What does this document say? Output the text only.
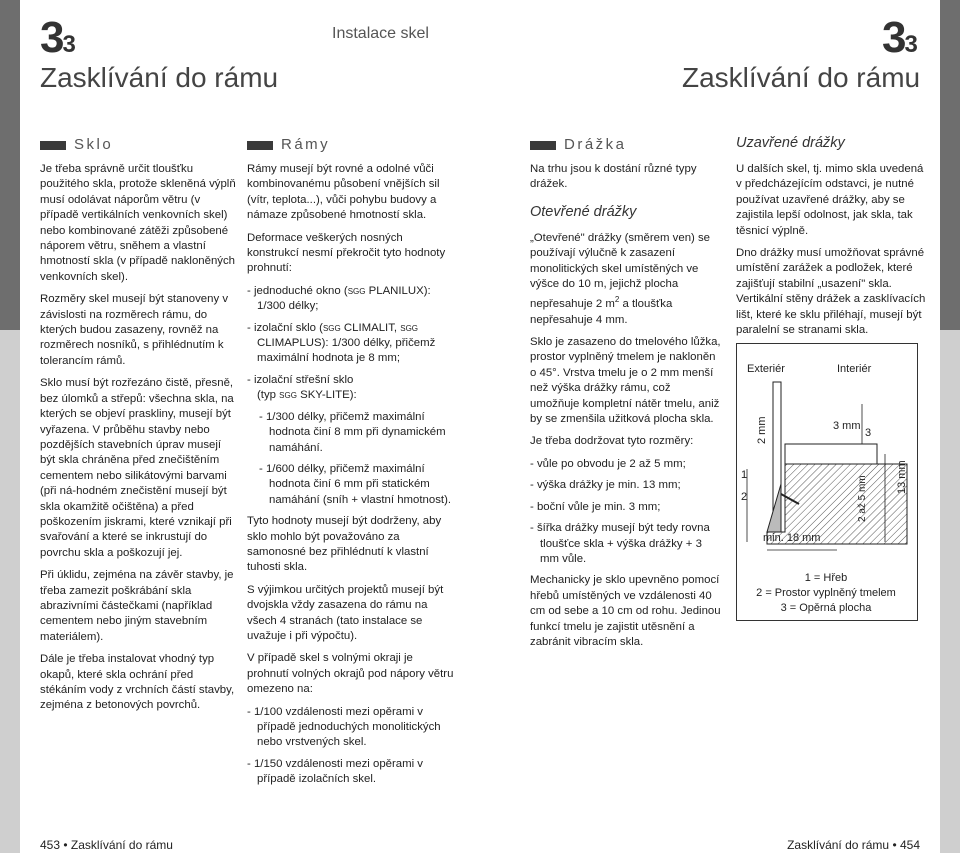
33
Zasklívání do rámu
Instalace skel	33
Zasklívání do rámu
Sklo

Je třeba správně určit tloušťku použitého skla, protože skleněná výplň musí odolávat náporům větru (v případě vertikálních venkovních skel) nebo kombinované zátěži způsobené náporem větru, sněhem a vlastní hmotností skla (v případě nakloněných venkovních skel).

Rozměry skel musejí být stanoveny v závislosti na rozměrech rámu, do kterých budou zasazeny, rovněž na rozměrech nosníků, s přihlédnutím k tolerancím rámů.

Sklo musí být rozřezáno čistě, přesně, bez úlomků a střepů: všechna skla, na kterých se objeví praskliny, musejí být vyřazena. V průběhu stavby nebo pozdějších stavebních úprav musejí být skla chráněna před znečištěním cementem nebo silikátovými barvami (při ná-hodném znečistění musejí být skla okamžitě očištěna) a před poškozením jiskrami, které vznikají při svařování a které se inkrustují do povrchu skla a poškozují jej.

Při úklidu, zejména na závěr stavby, je třeba zamezit poškrábání skla abrazivními částečkami (například cementem nebo jiným stavebním materiálem).

Dále je třeba instalovat vhodný typ okapů, které skla ochrání před stékáním vody z vrchních částí stavby, zejména z betonových povrchů.

Rámy

Rámy musejí být rovné a odolné vůči kombinovanému působení vnějších sil (vítr, teplota...), vůči pohybu budovy a námaze způsobené hmotností skla.

Deformace veškerých nosných konstrukcí nesmí překročit tyto hodnoty prohnutí:

- jednoduché okno (SGG PLANILUX): 1/300 délky;
- izolační sklo (SGG CLIMALIT, SGG CLIMAPLUS): 1/300 délky, přičemž maximální hodnota je 8 mm;
- izolační střešní sklo
(typ SGG SKY-LITE):
- 1/300 délky, přičemž maximální hodnota činí 8 mm při dynamickém namáhání.
- 1/600 délky, přičemž maximální hodnota činí 6 mm při statickém namáhání (sníh + vlastní hmotnost).

Tyto hodnoty musejí být dodrženy, aby sklo mohlo být považováno za samonosné bez přihlédnutí k vlastní tuhosti skla.

S výjimkou určitých projektů musejí být dvojskla vždy zasazena do rámu na všech 4 stranách (tato instalace se uvažuje i při výpočtu).

V případě skel s volnými okraji je prohnutí volných okrajů pod nápory větru omezeno na:

- 1/100 vzdálenosti mezi opěrami v případě jednoduchých monolitických nebo vrstvených skel.
- 1/150 vzdálenosti mezi opěrami v případě izolačních skel.
Drážka

Na trhu jsou k dostání různé typy drážek.

Otevřené drážky

„Otevřené" drážky (směrem ven) se používají výlučně k zasazení monolitických skel umístěných ve výšce do 10 m, jejichž plocha nepřesahuje 2 $m^2$ a tloušťka nepřesahuje 4 mm.

Sklo je zasazeno do tmelového lůžka, prostor vyplněný tmelem je nakloněn o 45°. Vrstva tmelu je o 2 mm menší než výška drážky rámu, což umožňuje kompletní nátěr tmelu, aniž by se zmenšila užitková plocha skla.

Je třeba dodržovat tyto rozměry:

- vůle po obvodu je 2 až 5 mm;
- výška drážky je min. 13 mm;
- boční vůle je min. 3 mm;
- šířka drážky musejí být tedy rovna tloušťce skla + výška drážky + 3 mm vůle.

Mechanicky je sklo upevněno pomocí hřebů umístěných ve vzdálenosti 40 cm od sebe a 10 cm od rohu. Jedinou funkcí tmelu je zajistit utěsnění a zabránit vibracím skla.

Uzavřené drážky

U dalších skel, tj. mimo skla uvedená v předcházejícím odstavci, je nutné používat uzavřené drážky, aby se zajistila lepší odolnost, jak skla, tak těsnicí výplně.

Dno drážky musí umožňovat správné umístění zarážek a podložek, které zajišťují stabilní „usazení" skla. Vertikální stěny drážek a zasklívacích lišt, které ke sklu přiléhají, musejí být paralelní se stranami skla.

Exteriér	Interiér
2 mm	3 mm
3
1
2	2 až 5 mm	13 mm
min. 18 mm
1 = Hřeb
2 = Prostor vyplněný tmelem
3 = Opěrná plocha
453 • Zasklívání do rámu	Zasklívání do rámu • 454
